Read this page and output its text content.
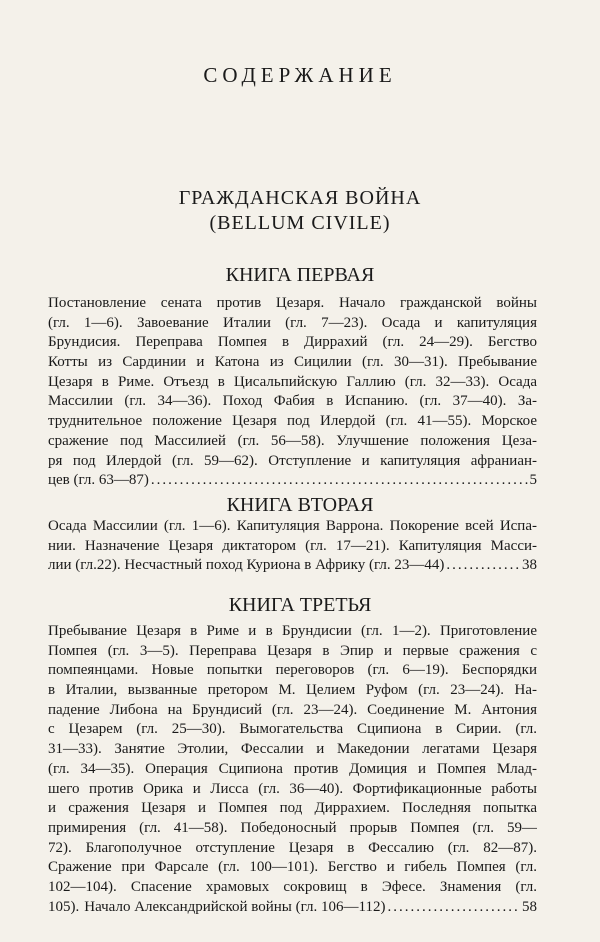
СОДЕРЖАНИЕ
ГРАЖДАНСКАЯ ВОЙНА
(BELLUM CIVILE)
КНИГА ПЕРВАЯ
Постановление сената против Цезаря. Начало гражданской войны
(гл. 1—6). Завоевание Италии (гл. 7—23). Осада и капитуляция
Брундисия. Переправа Помпея в Диррахий (гл. 24—29). Бегство
Котты из Сардинии и Катона из Сицилии (гл. 30—31). Пребывание
Цезаря в Риме. Отъезд в Цисальпийскую Галлию (гл. 32—33). Осада
Массилии (гл. 34—36). Поход Фабия в Испанию. (гл. 37—40). За-
труднительное положение Цезаря под Илердой (гл. 41—55). Морское
сражение под Массилией (гл. 56—58). Улучшение положения Цеза-
ря под Илердой (гл. 59—62). Отступление и капитуляция афраниан-
цев (гл. 63—87) .....	5
КНИГА ВТОРАЯ
Осада Массилии (гл. 1—6). Капитуляция Варрона. Покорение всей Испа-
нии. Назначение Цезаря диктатором (гл. 17—21). Капитуляция Масси-
лии (гл.22). Несчастный поход Куриона в Африку (гл. 23—44) .....	38
КНИГА ТРЕТЬЯ
Пребывание Цезаря в Риме и в Брундисии (гл. 1—2). Приготовление
Помпея (гл. 3—5). Переправа Цезаря в Эпир и первые сражения с
помпеянцами. Новые попытки переговоров (гл. 6—19). Беспорядки
в Италии, вызванные претором М. Целием Руфом (гл. 23—24). На-
падение Либона на Брундисий (гл. 23—24). Соединение М. Антония
с Цезарем (гл. 25—30). Вымогательства Сципиона в Сирии. (гл.
31—33). Занятие Этолии, Фессалии и Македонии легатами Цезаря
(гл. 34—35). Операция Сципиона против Домиция и Помпея Млад-
шего против Орика и Лисса (гл. 36—40). Фортификационные работы
и сражения Цезаря и Помпея под Диррахием. Последняя попытка
примирения (гл. 41—58). Победоносный прорыв Помпея (гл. 59—
72). Благополучное отступление Цезаря в Фессалию (гл. 82—87).
Сражение при Фарсале (гл. 100—101). Бегство и гибель Помпея (гл.
102—104). Спасение храмовых сокровищ в Эфесе. Знамения (гл.
105). Начало Александрийской войны (гл. 106—112) .....	58
